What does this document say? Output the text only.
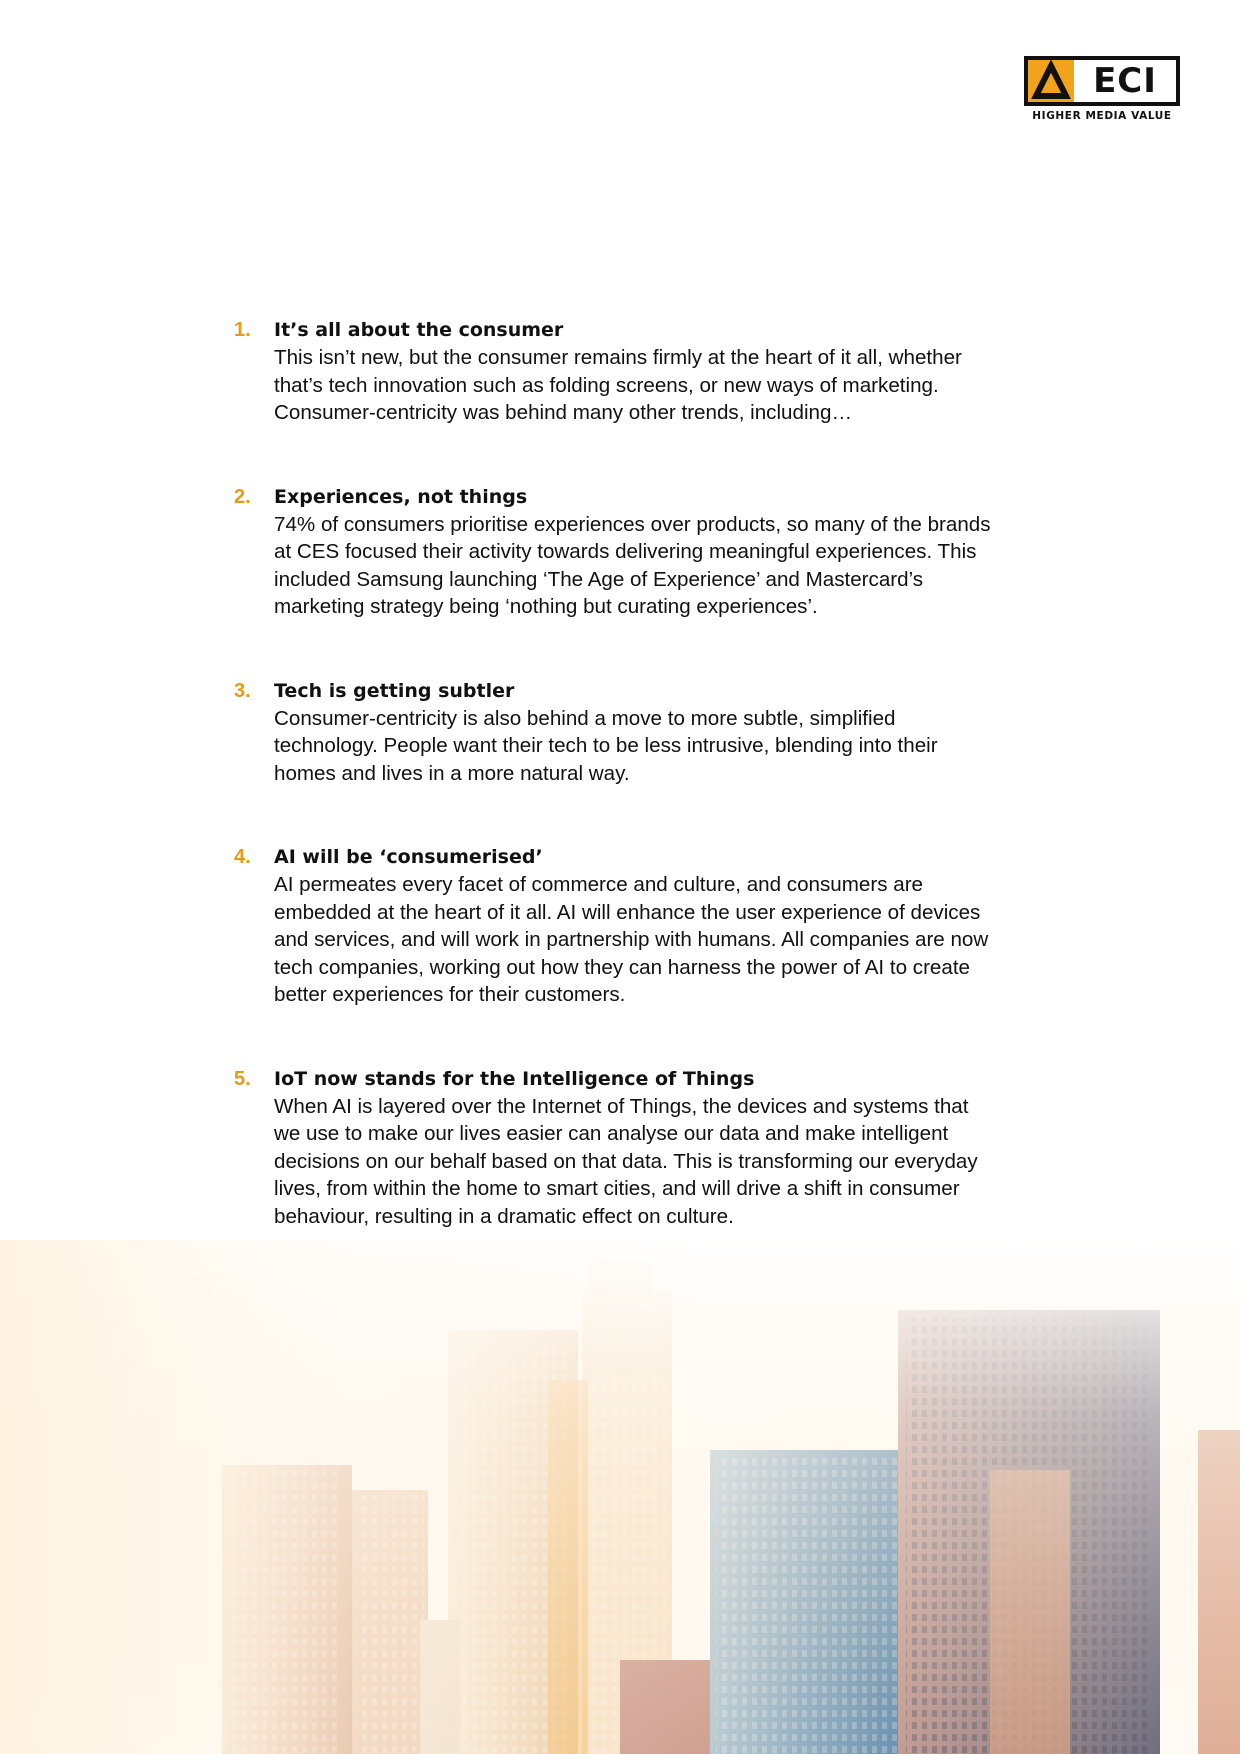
ECI
HIGHER MEDIA VALUE
1.	It’s all about the consumer
This isn’t new, but the consumer remains firmly at the heart of it all, whether that’s tech innovation such as folding screens, or new ways of marketing. Consumer-centricity was behind many other trends, including…
2.	Experiences, not things
74% of consumers prioritise experiences over products, so many of the brands at CES focused their activity towards delivering meaningful experiences. This included Samsung launching ‘The Age of Experience’ and Mastercard’s marketing strategy being ‘nothing but curating experiences’.
3.	Tech is getting subtler
Consumer-centricity is also behind a move to more subtle, simplified technology. People want their tech to be less intrusive, blending into their homes and lives in a more natural way.
4.	AI will be ‘consumerised’
AI permeates every facet of commerce and culture, and consumers are embedded at the heart of it all. AI will enhance the user experience of devices and services, and will work in partnership with humans. All companies are now tech companies, working out how they can harness the power of AI to create better experiences for their customers.
5.	IoT now stands for the Intelligence of Things
When AI is layered over the Internet of Things, the devices and systems that we use to make our lives easier can analyse our data and make intelligent decisions on our behalf based on that data. This is transforming our everyday lives, from within the home to smart cities, and will drive a shift in consumer behaviour, resulting in a dramatic effect on culture.
